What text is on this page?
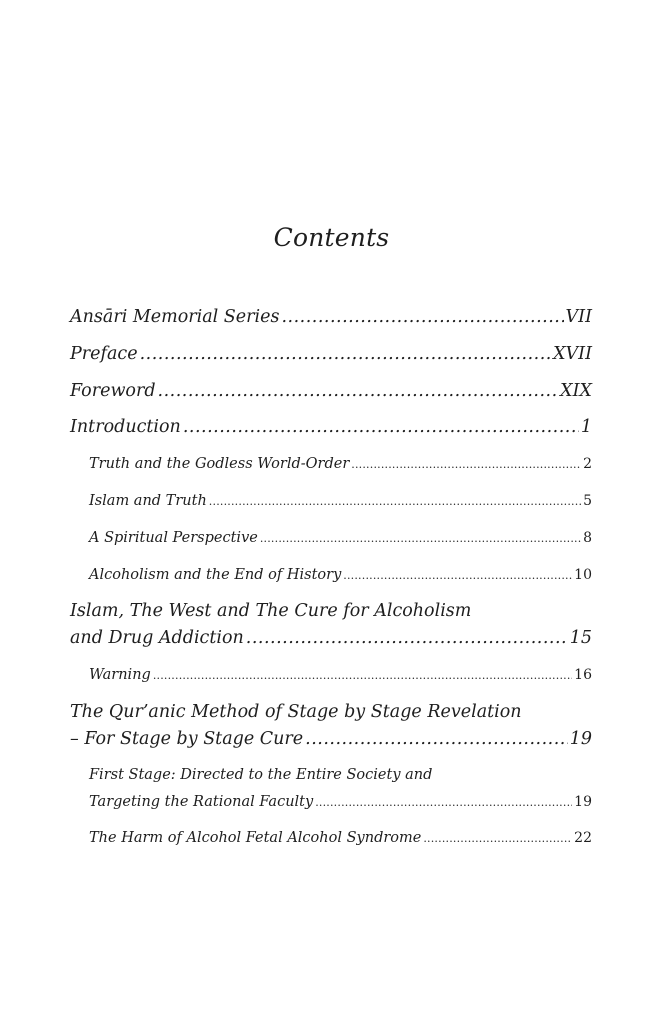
Contents
Ansāri Memorial Series .....	VII
Preface .....	XVII
Foreword .....	XIX
Introduction .....	1
Truth and the Godless World-Order .....	2
Islam and Truth .....	5
A Spiritual Perspective .....	8
Alcoholism and the End of History .....	10
Islam, The West and The Cure for Alcoholism
and Drug Addiction .....	15
Warning .....	16
The Qur’anic Method of Stage by Stage Revelation
– For Stage by Stage Cure .....	19
First Stage: Directed to the Entire Society and
Targeting the Rational Faculty .....	19
The Harm of Alcohol Fetal Alcohol Syndrome .....	22
